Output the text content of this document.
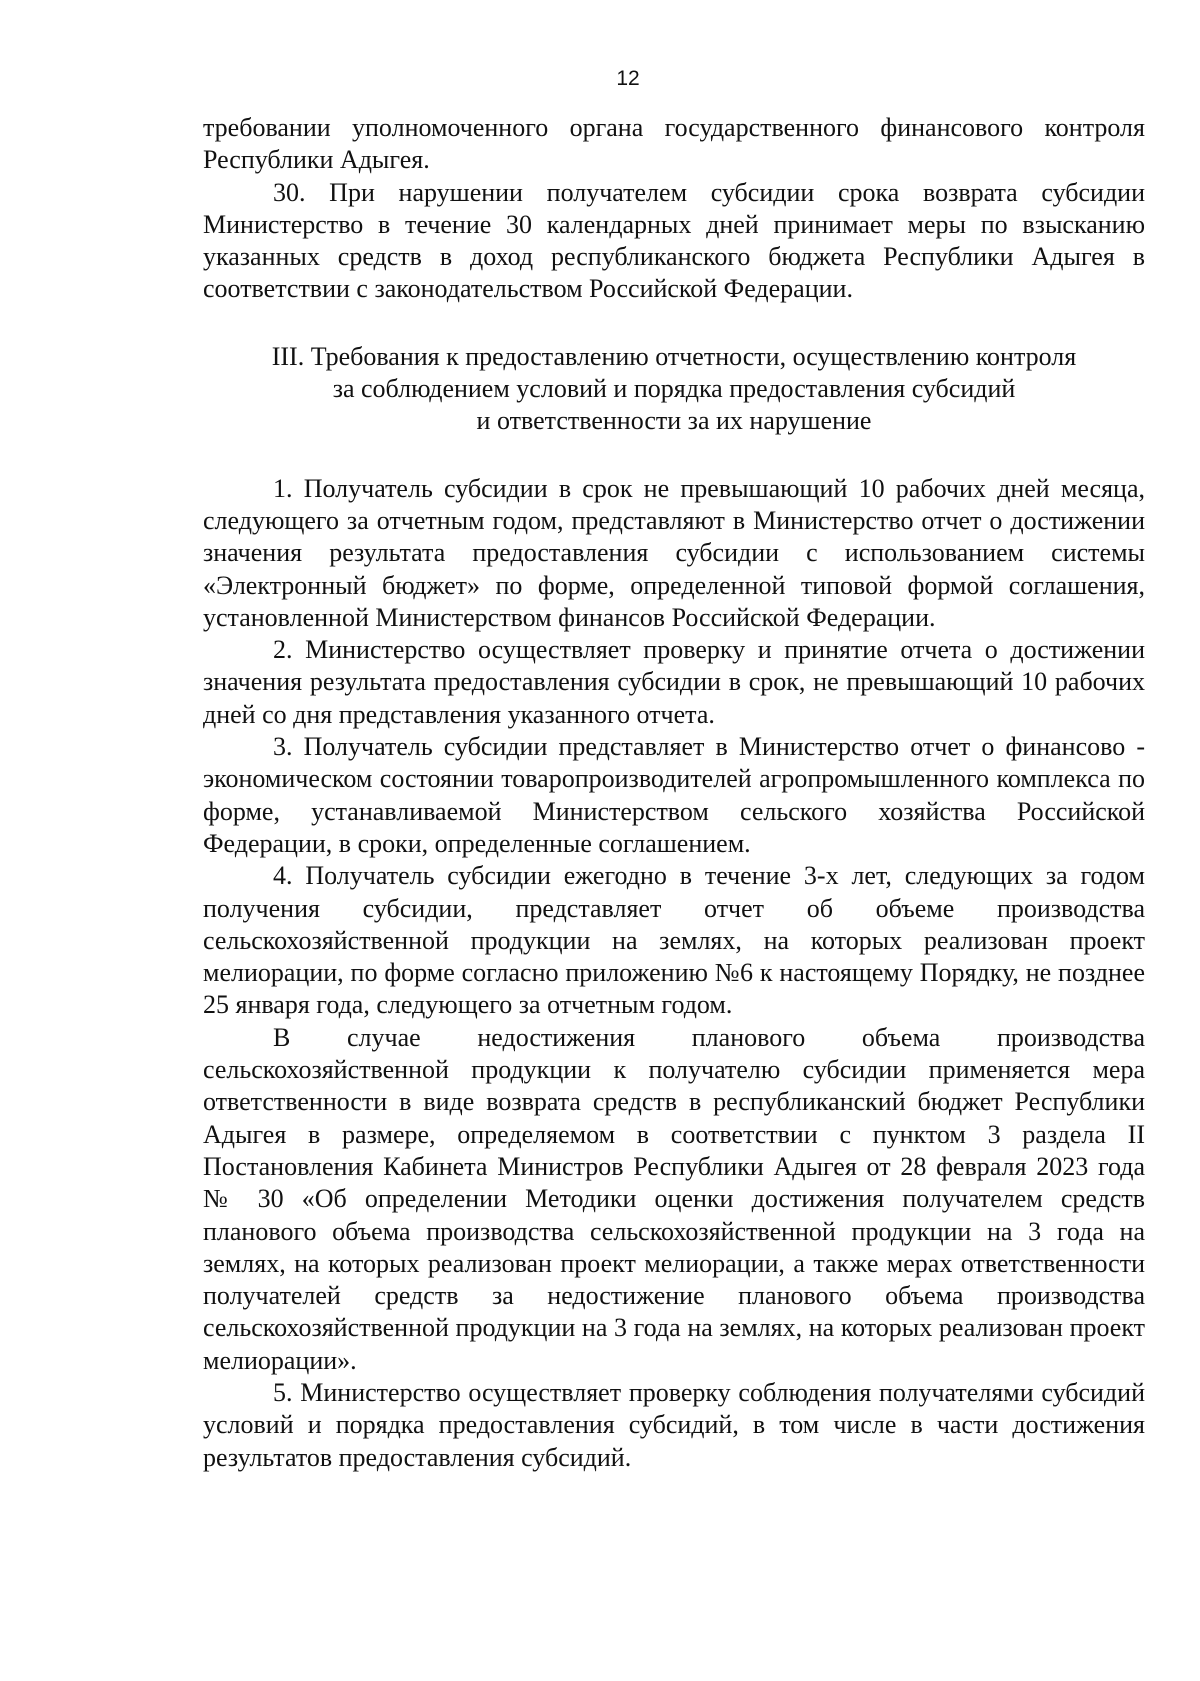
12

требовании уполномоченного органа государственного финансового контроля Республики Адыгея.

30. При нарушении получателем субсидии срока возврата субсидии Министерство в течение 30 календарных дней принимает меры по взысканию указанных средств в доход республиканского бюджета Республики Адыгея в соответствии с законодательством Российской Федерации.

III. Требования к предоставлению отчетности, осуществлению контроля
за соблюдением условий и порядка предоставления субсидий
и ответственности за их нарушение

1. Получатель субсидии в срок не превышающий 10 рабочих дней месяца, следующего за отчетным годом, представляют в Министерство отчет о достижении значения результата предоставления субсидии с использованием системы «Электронный бюджет» по форме, определенной типовой формой соглашения, установленной Министерством финансов Российской Федерации.

2. Министерство осуществляет проверку и принятие отчета о достижении значения результата предоставления субсидии в срок, не превышающий 10 рабочих дней со дня представления указанного отчета.

3. Получатель субсидии представляет в Министерство отчет о финансово - экономическом состоянии товаропроизводителей агропромышленного комплекса по форме, устанавливаемой Министерством сельского хозяйства Российской Федерации, в сроки, определенные соглашением.

4. Получатель субсидии ежегодно в течение 3-х лет, следующих за годом получения субсидии, представляет отчет об объеме производства сельскохозяйственной продукции на землях, на которых реализован проект мелиорации, по форме согласно приложению №6 к настоящему Порядку, не позднее 25 января года, следующего за отчетным годом.

В случае недостижения планового объема производства сельскохозяйственной продукции к получателю субсидии применяется мера ответственности в виде возврата средств в республиканский бюджет Республики Адыгея в размере, определяемом в соответствии с пунктом 3 раздела II Постановления Кабинета Министров Республики Адыгея от 28 февраля 2023 года № 30 «Об определении Методики оценки достижения получателем средств планового объема производства сельскохозяйственной продукции на 3 года на землях, на которых реализован проект мелиорации, а также мерах ответственности получателей средств за недостижение планового объема производства сельскохозяйственной продукции на 3 года на землях, на которых реализован проект мелиорации».

5. Министерство осуществляет проверку соблюдения получателями субсидий условий и порядка предоставления субсидий, в том числе в части достижения результатов предоставления субсидий.
